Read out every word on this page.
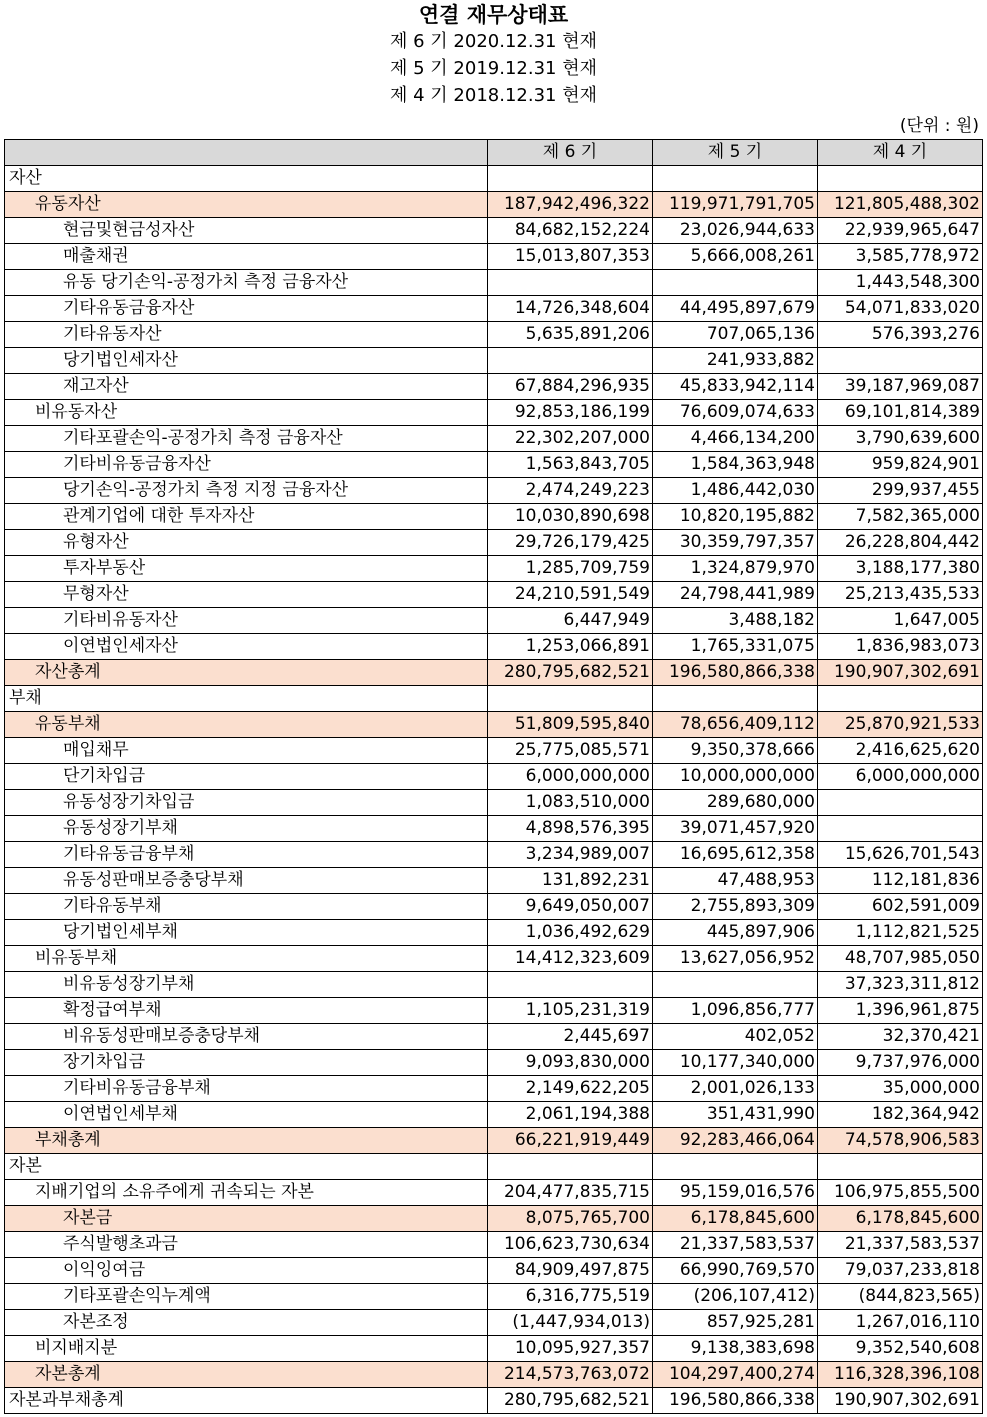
연결 재무상태표
제 6 기 2020.12.31 현재
제 5 기 2019.12.31 현재
제 4 기 2018.12.31 현재
(단위 : 원)
	제 6 기	제 5 기	제 4 기
자산			
유동자산	187,942,496,322	119,971,791,705	121,805,488,302
현금및현금성자산	84,682,152,224	23,026,944,633	22,939,965,647
매출채권	15,013,807,353	5,666,008,261	3,585,778,972
유동 당기손익-공정가치 측정 금융자산			1,443,548,300
기타유동금융자산	14,726,348,604	44,495,897,679	54,071,833,020
기타유동자산	5,635,891,206	707,065,136	576,393,276
당기법인세자산		241,933,882	
재고자산	67,884,296,935	45,833,942,114	39,187,969,087
비유동자산	92,853,186,199	76,609,074,633	69,101,814,389
기타포괄손익-공정가치 측정 금융자산	22,302,207,000	4,466,134,200	3,790,639,600
기타비유동금융자산	1,563,843,705	1,584,363,948	959,824,901
당기손익-공정가치 측정 지정 금융자산	2,474,249,223	1,486,442,030	299,937,455
관계기업에 대한 투자자산	10,030,890,698	10,820,195,882	7,582,365,000
유형자산	29,726,179,425	30,359,797,357	26,228,804,442
투자부동산	1,285,709,759	1,324,879,970	3,188,177,380
무형자산	24,210,591,549	24,798,441,989	25,213,435,533
기타비유동자산	6,447,949	3,488,182	1,647,005
이연법인세자산	1,253,066,891	1,765,331,075	1,836,983,073
자산총계	280,795,682,521	196,580,866,338	190,907,302,691
부채			
유동부채	51,809,595,840	78,656,409,112	25,870,921,533
매입채무	25,775,085,571	9,350,378,666	2,416,625,620
단기차입금	6,000,000,000	10,000,000,000	6,000,000,000
유동성장기차입금	1,083,510,000	289,680,000	
유동성장기부채	4,898,576,395	39,071,457,920	
기타유동금융부채	3,234,989,007	16,695,612,358	15,626,701,543
유동성판매보증충당부채	131,892,231	47,488,953	112,181,836
기타유동부채	9,649,050,007	2,755,893,309	602,591,009
당기법인세부채	1,036,492,629	445,897,906	1,112,821,525
비유동부채	14,412,323,609	13,627,056,952	48,707,985,050
비유동성장기부채			37,323,311,812
확정급여부채	1,105,231,319	1,096,856,777	1,396,961,875
비유동성판매보증충당부채	2,445,697	402,052	32,370,421
장기차입금	9,093,830,000	10,177,340,000	9,737,976,000
기타비유동금융부채	2,149,622,205	2,001,026,133	35,000,000
이연법인세부채	2,061,194,388	351,431,990	182,364,942
부채총계	66,221,919,449	92,283,466,064	74,578,906,583
자본			
지배기업의 소유주에게 귀속되는 자본	204,477,835,715	95,159,016,576	106,975,855,500
자본금	8,075,765,700	6,178,845,600	6,178,845,600
주식발행초과금	106,623,730,634	21,337,583,537	21,337,583,537
이익잉여금	84,909,497,875	66,990,769,570	79,037,233,818
기타포괄손익누계액	6,316,775,519	(206,107,412)	(844,823,565)
자본조정	(1,447,934,013)	857,925,281	1,267,016,110
비지배지분	10,095,927,357	9,138,383,698	9,352,540,608
자본총계	214,573,763,072	104,297,400,274	116,328,396,108
자본과부채총계	280,795,682,521	196,580,866,338	190,907,302,691
